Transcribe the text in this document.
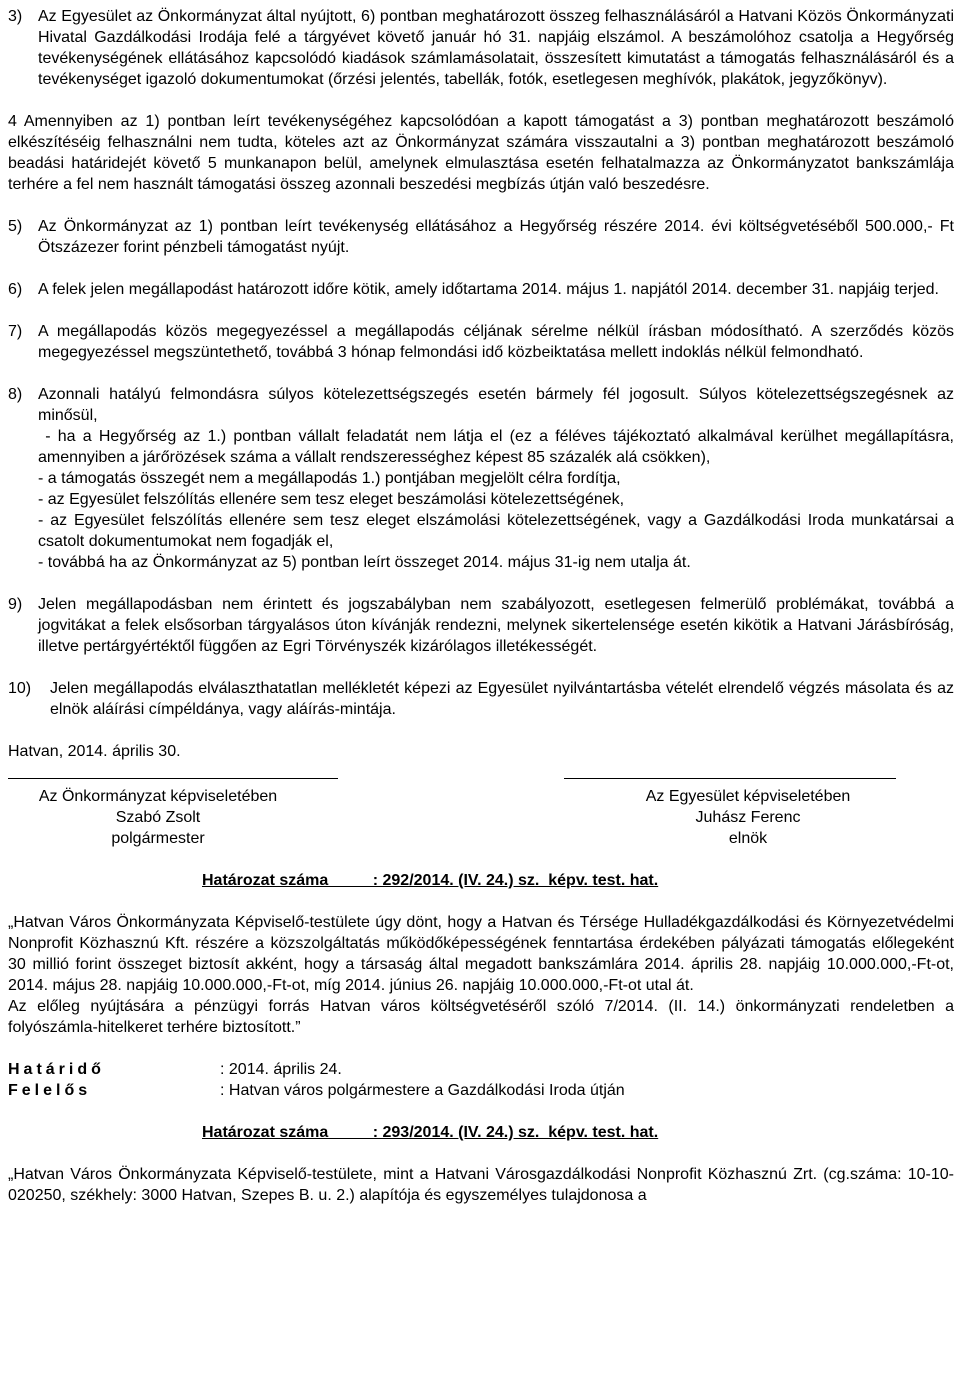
3) Az Egyesület az Önkormányzat által nyújtott, 6) pontban meghatározott összeg felhasználásáról a Hatvani Közös Önkormányzati Hivatal Gazdálkodási Irodája felé a tárgyévet követő január hó 31. napjáig elszámol. A beszámolóhoz csatolja a Hegyőrség tevékenységének ellátásához kapcsolódó kiadások számlamásolatait, összesített kimutatást a támogatás felhasználásáról és a tevékenységet igazoló dokumentumokat (őrzési jelentés, tabellák, fotók, esetlegesen meghívók, plakátok, jegyzőkönyv).

4 Amennyiben az 1) pontban leírt tevékenységéhez kapcsolódóan a kapott támogatást a 3) pontban meghatározott beszámoló elkészítéséig felhasználni nem tudta, köteles azt az Önkormányzat számára visszautalni a 3) pontban meghatározott beszámoló beadási határidejét követő 5 munkanapon belül, amelynek elmulasztása esetén felhatalmazza az Önkormányzatot bankszámlája terhére a fel nem használt támogatási összeg azonnali beszedési megbízás útján való beszedésre.

5) Az Önkormányzat az 1) pontban leírt tevékenység ellátásához a Hegyőrség részére 2014. évi költségvetéséből 500.000,- Ft Ötszázezer forint pénzbeli támogatást nyújt.

6) A felek jelen megállapodást határozott időre kötik, amely időtartama 2014. május 1. napjától 2014. december 31. napjáig terjed.

7) A megállapodás közös megegyezéssel a megállapodás céljának sérelme nélkül írásban módosítható. A szerződés közös megegyezéssel megszüntethető, továbbá 3 hónap felmondási idő közbeiktatása mellett indoklás nélkül felmondható.

8) Azonnali hatályú felmondásra súlyos kötelezettségszegés esetén bármely fél jogosult. Súlyos kötelezettségszegésnek az minősül,

- ha a Hegyőrség az 1.) pontban vállalt feladatát nem látja el (ez a féléves tájékoztató alkalmával kerülhet megállapításra, amennyiben a járőrözések száma a vállalt rendszerességhez képest 85 százalék alá csökken),

- a támogatás összegét nem a megállapodás 1.) pontjában megjelölt célra fordítja,

- az Egyesület felszólítás ellenére sem tesz eleget beszámolási kötelezettségének,

- az Egyesület felszólítás ellenére sem tesz eleget elszámolási kötelezettségének, vagy a Gazdálkodási Iroda munkatársai a csatolt dokumentumokat nem fogadják el,

- továbbá ha az Önkormányzat az 5) pontban leírt összeget 2014. május 31-ig nem utalja át.

9) Jelen megállapodásban nem érintett és jogszabályban nem szabályozott, esetlegesen felmerülő problémákat, továbbá a jogvitákat a felek elsősorban tárgyalásos úton kívánják rendezni, melynek sikertelensége esetén kikötik a Hatvani Járásbíróság, illetve pertárgyértéktől függően az Egri Törvényszék kizárólagos illetékességét.

10)	Jelen megállapodás elválaszthatatlan mellékletét képezi az Egyesület nyilvántartásba vételét elrendelő végzés másolata és az elnök aláírási címpéldánya, vagy aláírás-mintája.

Hatvan, 2014. április 30.

Az Önkormányzat képviseletében
Szabó Zsolt
polgármester
Az Egyesület képviseletében
Juhász Ferenc
elnök
Határozat száma          : 292/2014. (IV. 24.) sz.  képv. test. hat.

„Hatvan Város Önkormányzata Képviselő-testülete úgy dönt, hogy a Hatvan és Térsége Hulladékgazdálkodási és Környezetvédelmi Nonprofit Közhasznú Kft. részére a közszolgáltatás működőképességének fenntartása érdekében pályázati támogatás előlegeként 30 millió forint összeget biztosít akként, hogy a társaság által megadott bankszámlára 2014. április 28. napjáig 10.000.000,-Ft-ot, 2014. május 28. napjáig 10.000.000,-Ft-ot, míg 2014. június 26. napjáig 10.000.000,-Ft-ot utal át.

Az előleg nyújtására a pénzügyi forrás Hatvan város költségvetéséről szóló 7/2014. (II. 14.) önkormányzati rendeletben a folyószámla-hitelkeret terhére biztosított.”

Határidő	: 2014. április 24.
Felelős	: Hatvan város polgármestere a Gazdálkodási Iroda útján
Határozat száma          : 293/2014. (IV. 24.) sz.  képv. test. hat.

„Hatvan Város Önkormányzata Képviselő-testülete, mint a Hatvani Városgazdálkodási Nonprofit Közhasznú Zrt. (cg.száma: 10-10-020250, székhely: 3000 Hatvan, Szepes B. u. 2.) alapítója és egyszemélyes tulajdonosa a
